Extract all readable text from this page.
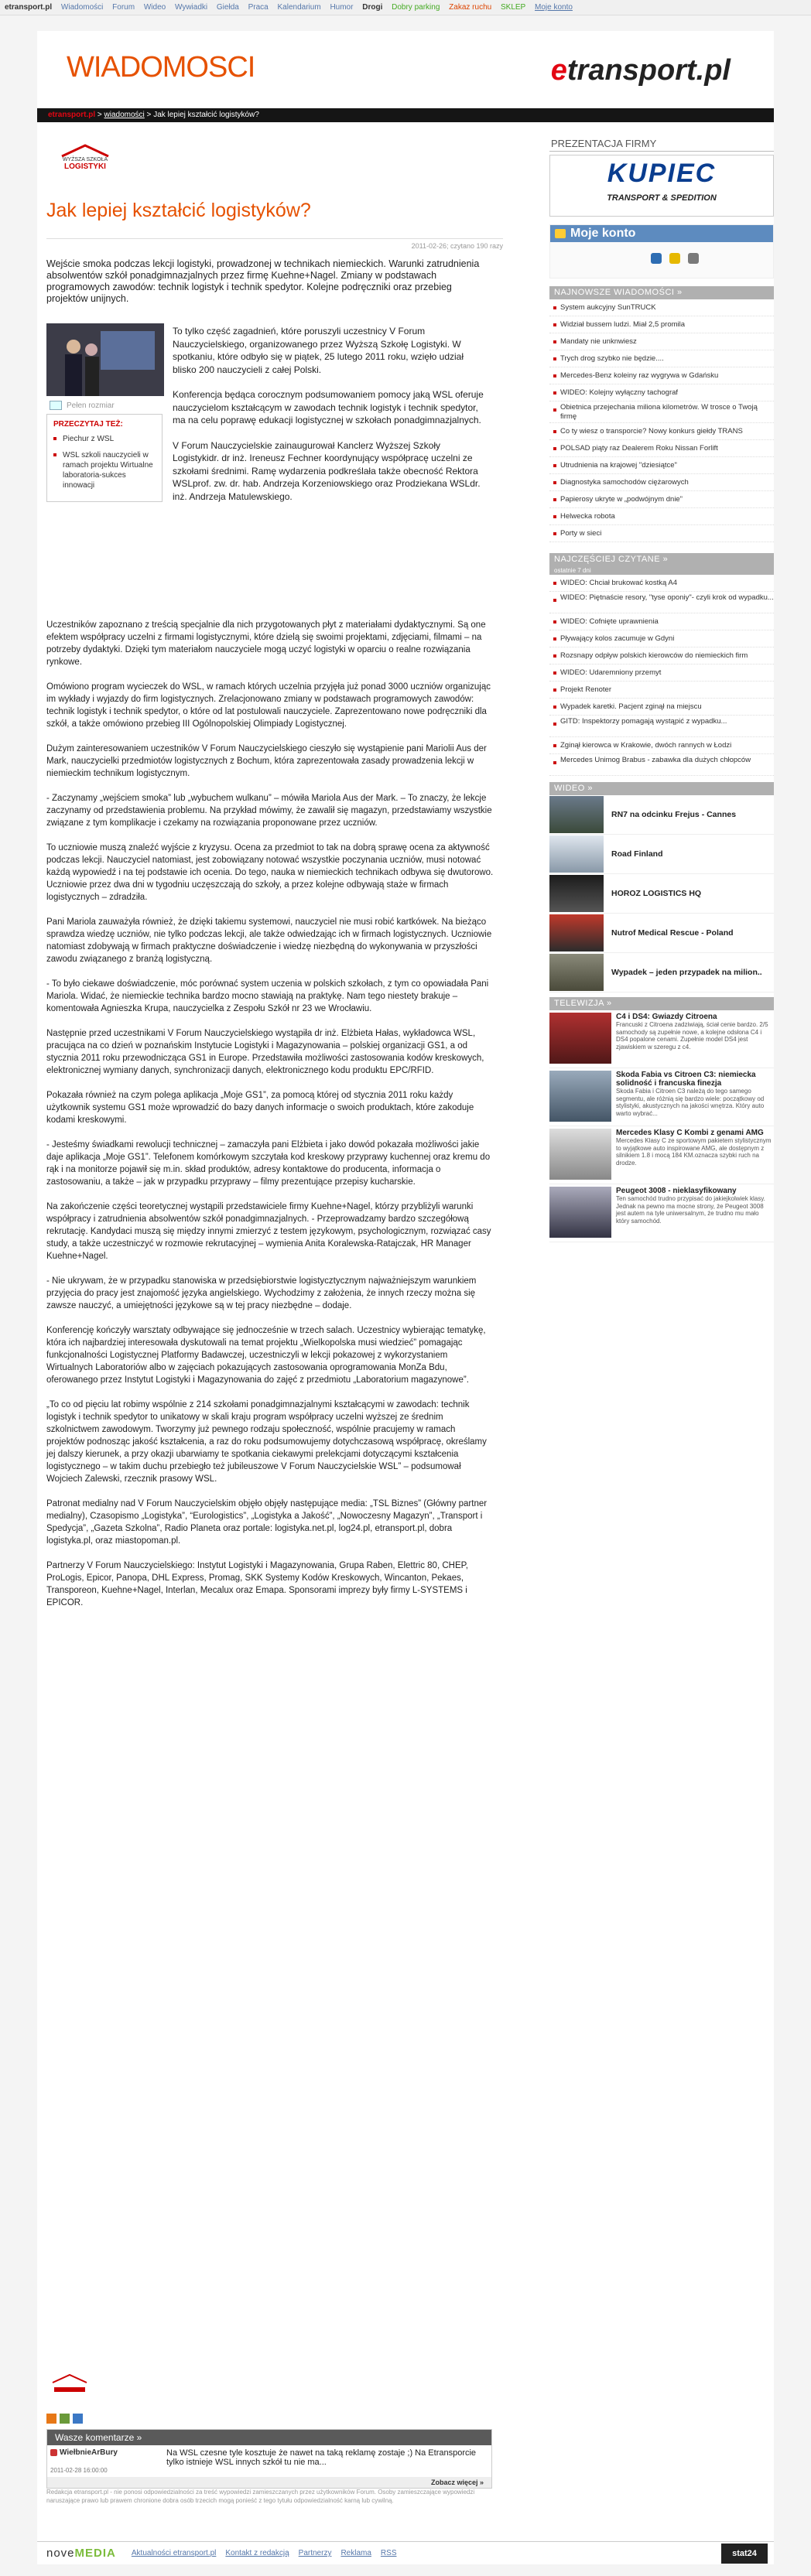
etransport.pl Wiadomości Forum Wideo Wywiadki Giełda Praca Kalendarium Humor Drogi Dobry parking Zakaz ruchu SKLEP Moje konto
WIADOMOSCI	etransport.pl
etransport.pl > wiadomości > Jak lepiej kształcić logistyków?
WYŻSZA SZKOŁA
LOGISTYKI
Jak lepiej kształcić logistyków?
2011-02-26; czytano 190 razy
Wejście smoka podczas lekcji logistyki, prowadzonej w technikach niemieckich. Warunki zatrudnienia absolwentów szkół ponadgimnazjalnych przez firmę Kuehne+Nagel. Zmiany w podstawach programowych zawodów: technik logistyk i technik spedytor. Kolejne podręczniki oraz przebieg projektów unijnych.
Pełen rozmiar
PRZECZYTAJ TEŻ:
Piechur z WSL
WSL szkoli nauczycieli w ramach projektu Wirtualne laboratoria-sukces innowacji

To tylko część zagadnień, które poruszyli uczestnicy V Forum Nauczycielskiego, organizowanego przez Wyższą Szkołę Logistyki. W spotkaniu, które odbyło się w piątek, 25 lutego 2011 roku, wzięło udział blisko 200 nauczycieli z całej Polski.

Konferencja będąca corocznym podsumowaniem pomocy jaką WSL oferuje nauczycielom kształcącym w zawodach technik logistyk i technik spedytor, ma na celu poprawę edukacji logistycznej w szkołach ponadgimnazjalnych.

V Forum Nauczycielskie zainaugurował Kanclerz Wyższej Szkoły Logistykidr. dr inż. Ireneusz Fechner koordynujący współpracę uczelni ze szkołami średnimi. Ramę wydarzenia podkreślała także obecność Rektora WSLprof. zw. dr. hab. Andrzeja Korzeniowskiego oraz Prodziekana WSLdr. inż. Andrzeja Matulewskiego.

Uczestników zapoznano z treścią specjalnie dla nich przygotowanych płyt z materiałami dydaktycznymi. Są one efektem współpracy uczelni z firmami logistycznymi, które dzielą się swoimi projektami, zdjęciami, filmami – na potrzeby dydaktyki. Dzięki tym materiałom nauczyciele mogą uczyć logistyki w oparciu o realne rozwiązania rynkowe.

Omówiono program wycieczek do WSL, w ramach których uczelnia przyjęła już ponad 3000 uczniów organizując im wykłady i wyjazdy do firm logistycznych. Zrelacjonowano zmiany w podstawach programowych zawodów: technik logistyk i technik spedytor, o które od lat postulowali nauczyciele. Zaprezentowano nowe podręczniki dla szkół, a także omówiono przebieg III Ogólnopolskiej Olimpiady Logistycznej.

Dużym zainteresowaniem uczestników V Forum Nauczycielskiego cieszyło się wystąpienie pani Mariolii Aus der Mark, nauczycielki przedmiotów logistycznych z Bochum, która zaprezentowała zasady prowadzenia lekcji w niemieckim technikum logistycznym.

- Zaczynamy „wejściem smoka” lub „wybuchem wulkanu” – mówiła Mariola Aus der Mark. – To znaczy, że lekcje zaczynamy od przedstawienia problemu. Na przykład mówimy, że zawalił się magazyn, przedstawiamy wszystkie związane z tym komplikacje i czekamy na rozwiązania proponowane przez uczniów.

To uczniowie muszą znaleźć wyjście z kryzysu. Ocena za przedmiot to tak na dobrą sprawę ocena za aktywność podczas lekcji. Nauczyciel natomiast, jest zobowiązany notować wszystkie poczynania uczniów, musi notować każdą wypowiedź i na tej podstawie ich ocenia. Do tego, nauka w niemieckich technikach odbywa się dwutorowo. Uczniowie przez dwa dni w tygodniu uczęszczają do szkoły, a przez kolejne odbywają staże w firmach logistycznych – zdradziła.

Pani Mariola zauważyła również, że dzięki takiemu systemowi, nauczyciel nie musi robić kartkówek. Na bieżąco sprawdza wiedzę uczniów, nie tylko podczas lekcji, ale także odwiedzając ich w firmach logistycznych. Uczniowie natomiast zdobywają w firmach praktyczne doświadczenie i wiedzę niezbędną do wykonywania w przyszłości zawodu związanego z branżą logistyczną.

- To było ciekawe doświadczenie, móc porównać system uczenia w polskich szkołach, z tym co opowiadała Pani Mariola. Widać, że niemieckie technika bardzo mocno stawiają na praktykę. Nam tego niestety brakuje – komentowała Agnieszka Krupa, nauczycielka z Zespołu Szkół nr 23 we Wrocławiu.

Następnie przed uczestnikami V Forum Nauczycielskiego wystąpiła dr inż. Elżbieta Hałas, wykładowca WSL, pracująca na co dzień w poznańskim Instytucie Logistyki i Magazynowania – polskiej organizacji GS1, a od stycznia 2011 roku przewodnicząca GS1 in Europe. Przedstawiła możliwości zastosowania kodów kreskowych, elektronicznej wymiany danych, synchronizacji danych, elektronicznego kodu produktu EPC/RFID.

Pokazała również na czym polega aplikacja „Moje GS1”, za pomocą której od stycznia 2011 roku każdy użytkownik systemu GS1 może wprowadzić do bazy danych informacje o swoich produktach, które zakoduje kodami kreskowymi.

- Jesteśmy świadkami rewolucji technicznej – zamaczyła pani Elżbieta i jako dowód pokazała możliwości jakie daje aplikacja „Moje GS1”. Telefonem komórkowym szczytała kod kreskowy przyprawy kuchennej oraz kremu do rąk i na monitorze pojawił się m.in. skład produktów, adresy kontaktowe do producenta, informacja o zastosowaniu, a także – jak w przypadku przyprawy – filmy prezentujące przepisy kucharskie.

Na zakończenie części teoretycznej wystąpili przedstawiciele firmy Kuehne+Nagel, którzy przybliżyli warunki współpracy i zatrudnienia absolwentów szkół ponadgimnazjalnych. - Przeprowadzamy bardzo szczegółową rekrutację. Kandydaci muszą się między innymi zmierzyć z testem językowym, psychologicznym, rozwiązać casy study, a także uczestniczyć w rozmowie rekrutacyjnej – wymienia Anita Koralewska-Ratajczak, HR Manager Kuehne+Nagel.

- Nie ukrywam, że w przypadku stanowiska w przedsiębiorstwie logistycztycznym najważniejszym warunkiem przyjęcia do pracy jest znajomość języka angielskiego. Wychodzimy z założenia, że innych rzeczy można się zawsze nauczyć, a umiejętności językowe są w tej pracy niezbędne – dodaje.

Konferencję kończyły warsztaty odbywające się jednocześnie w trzech salach. Uczestnicy wybierając tematykę, która ich najbardziej interesowała dyskutowali na temat projektu „Wielkopolska musi wiedzieć” pomagając funkcjonalności Logistycznej Platformy Badawczej, uczestniczyli w lekcji pokazowej z wykorzystaniem Wirtualnych Laboratoriów albo w zajęciach pokazujących zastosowania oprogramowania MonZa Bdu, oferowanego przez Instytut Logistyki i Magazynowania do zajęć z przedmiotu „Laboratorium magazynowe”.

„To co od pięciu lat robimy wspólnie z 214 szkołami ponadgimnazjalnymi kształcącymi w zawodach: technik logistyk i technik spedytor to unikatowy w skali kraju program współpracy uczelni wyższej ze średnim szkolnictwem zawodowym. Tworzymy już pewnego rodzaju społeczność, wspólnie pracujemy w ramach projektów podnosząc jakość kształcenia, a raz do roku podsumowujemy dotychczasową współpracę, określamy jej dalszy kierunek, a przy okazji ubarwiamy te spotkania ciekawymi prelekcjami dotyczącymi kształcenia logistycznego – w takim duchu przebiegło też jubileuszowe V Forum Nauczycielskie WSL” – podsumował Wojciech Zalewski, rzecznik prasowy WSL.

Patronat medialny nad V Forum Nauczycielskim objęło objęły następujące media: „TSL Biznes” (Główny partner medialny), Czasopismo „Logistyka”, “Eurologistics”, „Logistyka a Jakość”, „Nowoczesny Magazyn”, „Transport i Spedycja”, „Gazeta Szkolna”, Radio Planeta oraz portale: logistyka.net.pl, log24.pl, etransport.pl, dobra logistyka.pl, oraz miastopoman.pl.

Partnerzy V Forum Nauczycielskiego: Instytut Logistyki i Magazynowania, Grupa Raben, Elettric 80, CHEP, ProLogis, Epicor, Panopa, DHL Express, Promag, SKK Systemy Kodów Kreskowych, Wincanton, Pekaes, Transporeon, Kuehne+Nagel, Interlan, Mecalux oraz Emapa. Sponsorami imprezy były firmy L-SYSTEMS i EPICOR.

Wasze komentarze »
WiełbnieArBury	Na WSL czesne tyle kosztuje że nawet na taką reklamę zostaje ;) Na Etransporcie tylko istnieje WSL innych szkół tu nie ma...
2011-02-28 16:00:00
Zobacz więcej »
Redakcja etransport.pl - nie ponosi odpowiedzialności za treść wypowiedzi zamieszczanych przez użytkowników Forum. Osoby zamieszczające wypowiedzi naruszające prawo lub prawem chronione dobra osób trzecich mogą ponieść z tego tytułu odpowiedzialność karną lub cywilną.
PREZENTACJA FIRMY
KUPIEC
TRANSPORT & SPEDITION
Moje konto
NAJNOWSZE WIADOMOŚCI »
System aukcyjny SunTRUCK
Widział bussem ludzi. Miał 2,5 promila
Mandaty nie unknwiesz
Trych drog szybko nie będzie....
Mercedes-Benz koleiny raz wygrywa w Gdańsku
WIDEO: Kolejny wyłączny tachograf
Obietnica przejechania miliona kilometrów. W trosce o Twoją firmę
Co ty wiesz o transporcie? Nowy konkurs giełdy TRANS
POLSAD piąty raz Dealerem Roku Nissan Forlift
Utrudnienia na krajowej "dziesiątce"
Diagnostyka samochodów ciężarowych
Papierosy ukryte w „podwójnym dnie”
Helwecka robota
Porty w sieci
NAJCZĘŚCIEJ CZYTANE »
ostatnie 7 dni
WIDEO: Chciał brukować kostką A4
WIDEO: Piętnaście resory, "tyse oponiy"- czyli krok od wypadku...
WIDEO: Cofnięte uprawnienia
Pływający kolos zacumuje w Gdyni
Rozsnapy odpływ polskich kierowców do niemieckich firm
WIDEO: Udaremniony przemyt
Projekt Renoter
Wypadek karetki. Pacjent zginął na miejscu
GITD: Inspektorzy pomagają wystąpić z wypadku...
Zginął kierowca w Krakowie, dwóch rannych w Łodzi
Mercedes Unimog Brabus - zabawka dla dużych chłopców
WIDEO »
RN7 na odcinku Frejus - Cannes
Road Finland
HOROZ LOGISTICS HQ
Nutrof Medical Rescue - Poland
Wypadek – jeden przypadek na milion..
TELEWIZJA »
C4 i DS4: Gwiazdy Citroena
Francuski z Citroena zadziwiają, ściał cenie bardzo. 2/5 samochody są zupełnie nowe, a kolejne odsłona C4 i DS4 popalone cenami. Zupełnie model DS4 jest zjawiskiem w szeregu z c4.
Skoda Fabia vs Citroen C3: niemiecka solidność i francuska finezja
Skoda Fabia i Citroen C3 należą do tego samego segmentu, ale różnią się bardzo wiele: początkowy od stylistyki, akustycznych na jakości wnętrza. Który auto warto wybrać...
Mercedes Klasy C Kombi z genami AMG
Mercedes Klasy C ze sportowym pakietem stylistycznym to wyjątkowe auto inspirowane AMG, ale dostępnym z silnikiem 1.8 i mocą 184 KM.oznacza szybki ruch na drodze.
Peugeot 3008 - nieklasyfikowany
Ten samochód trudno przypisać do jakiejkolwiek klasy. Jednak na pewno ma mocne strony, że Peugeot 3008 jest autem na tyle uniwersalnym, że trudno mu mało który samochód.
noveMEDIA Aktualności etransport.pl Kontakt z redakcją Partnerzy Reklama RSS	stat24
